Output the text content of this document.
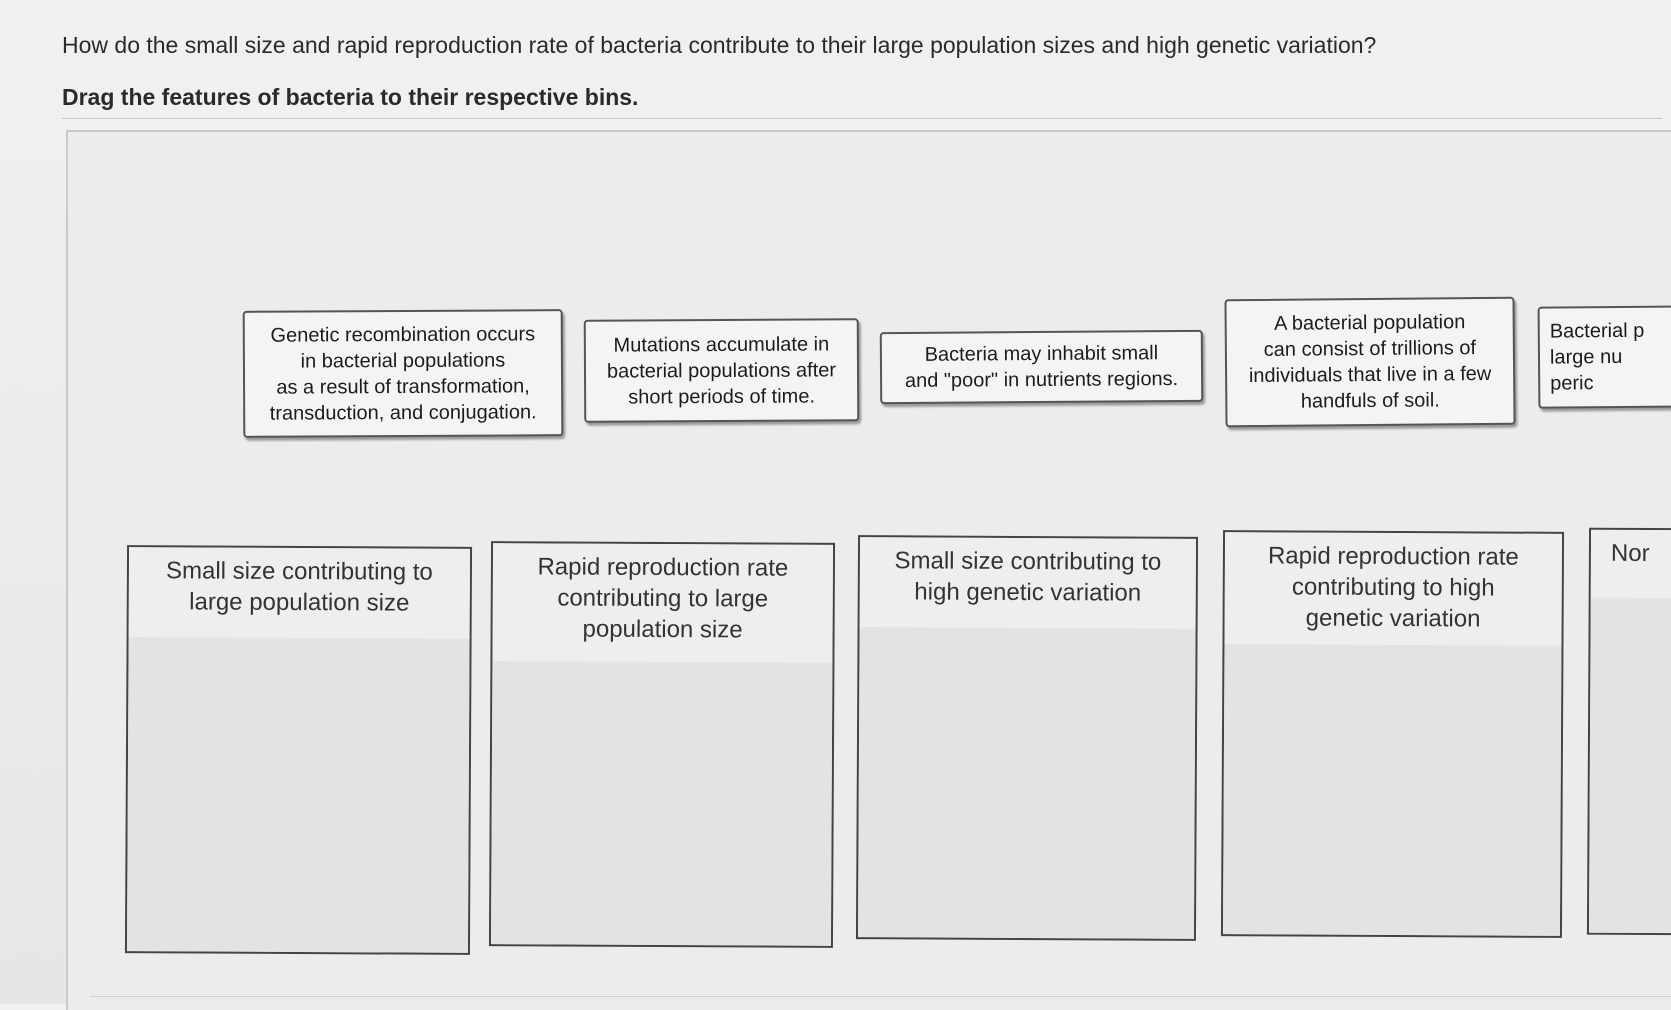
How do the small size and rapid reproduction rate of bacteria contribute to their large population sizes and high genetic variation?
Drag the features of bacteria to their respective bins.
Genetic recombination occurs
in bacterial populations
as a result of transformation,
transduction, and conjugation.
Mutations accumulate in
bacterial populations after
short periods of time.
Bacteria may inhabit small
and "poor" in nutrients regions.
A bacterial population
can consist of trillions of
individuals that live in a few
handfuls of soil.
Bacterial p
large nu
peric
Small size contributing to
large population size
Rapid reproduction rate
contributing to large
population size
Small size contributing to
high genetic variation
Rapid reproduction rate
contributing to high
genetic variation
Nor
